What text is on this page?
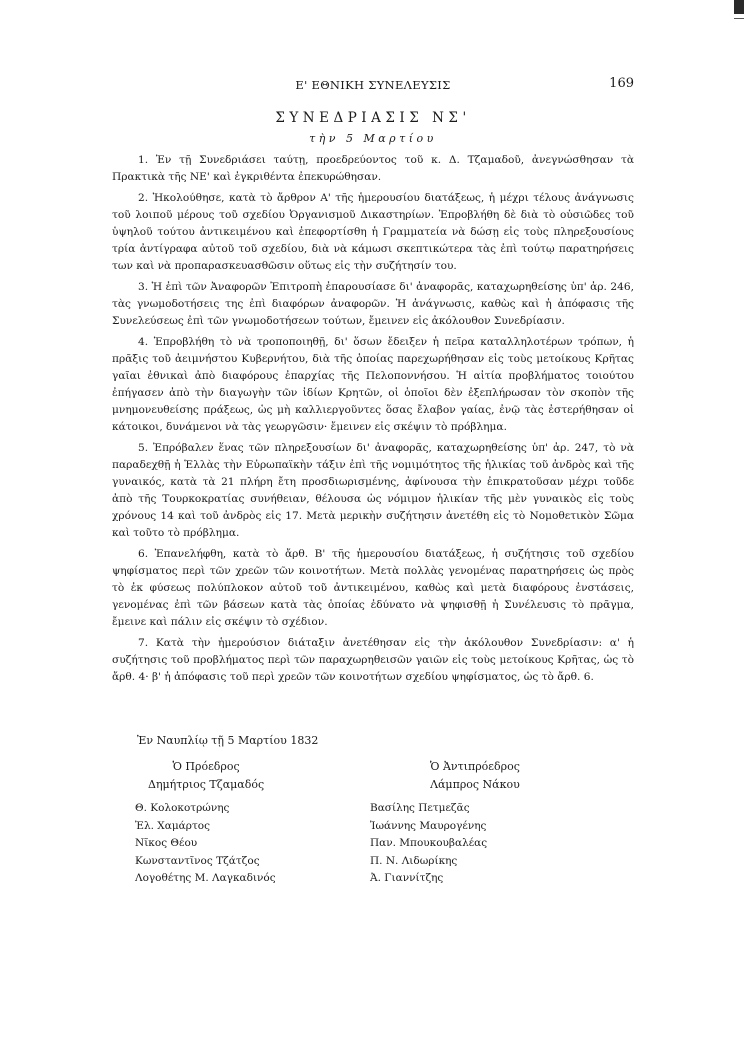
Ε' ΕΘΝΙΚΗ ΣΥΝΕΛΕΥΣΙΣ	169
ΣΥΝΕΔΡΙΑΣΙΣ ΝΣ'
τὴν 5 Μαρτίου

1. Ἐν τῇ Συνεδριάσει ταύτῃ, προεδρεύοντος τοῦ κ. Δ. Τζαμαδοῦ, ἀνεγνώσθησαν τὰ Πρακτικὰ τῆς ΝΕ' καὶ ἐγκριθέντα ἐπεκυρώθησαν.

2. Ἠκολούθησε, κατὰ τὸ ἄρθρον Α' τῆς ἡμερουσίου διατάξεως, ἡ μέχρι τέλους ἀνάγνωσις τοῦ λοιποῦ μέρους τοῦ σχεδίου Ὀργανισμοῦ Δικαστηρίων. Ἐπροβλήθη δὲ διὰ τὸ οὐσιῶδες τοῦ ὑψηλοῦ τούτου ἀντικειμένου καὶ ἐπεφορτίσθη ἡ Γραμματεία νὰ δώσῃ εἰς τοὺς πληρεξουσίους τρία ἀντίγραφα αὐτοῦ τοῦ σχεδίου, διὰ νὰ κάμωσι σκεπτικώτερα τὰς ἐπὶ τούτῳ παρατηρήσεις των καὶ νὰ προπαρασκευασθῶσιν οὕτως εἰς τὴν συζήτησίν του.

3. Ἡ ἐπὶ τῶν Ἀναφορῶν Ἐπιτροπὴ ἐπαρουσίασε δι' ἀναφορᾶς, καταχωρηθείσης ὑπ' ἀρ. 246, τὰς γνωμοδοτήσεις της ἐπὶ διαφόρων ἀναφορῶν. Ἡ ἀνάγνωσις, καθὼς καὶ ἡ ἀπόφασις τῆς Συνελεύσεως ἐπὶ τῶν γνωμοδοτήσεων τούτων, ἔμεινεν εἰς ἀκόλουθον Συνεδρίασιν.

4. Ἐπροβλήθη τὸ νὰ τροποποιηθῇ, δι' ὅσων ἔδειξεν ἡ πεῖρα καταλληλοτέρων τρόπων, ἡ πρᾶξις τοῦ ἀειμνήστου Κυβερνήτου, διὰ τῆς ὁποίας παρεχωρήθησαν εἰς τοὺς μετοίκους Κρῆτας γαῖαι ἐθνικαὶ ἀπὸ διαφόρους ἐπαρχίας τῆς Πελοποννήσου. Ἡ αἰτία προβλήματος τοιούτου ἐπήγασεν ἀπὸ τὴν διαγωγὴν τῶν ἰδίων Κρητῶν, οἱ ὁποῖοι δὲν ἐξεπλήρωσαν τὸν σκοπὸν τῆς μνημονευθείσης πράξεως, ὡς μὴ καλλιεργοῦντες ὅσας ἔλαβον γαίας, ἐνῷ τὰς ἐστερήθησαν οἱ κάτοικοι, δυνάμενοι νὰ τὰς γεωργῶσιν· ἔμεινεν εἰς σκέψιν τὸ πρόβλημα.

5. Ἐπρόβαλεν ἕνας τῶν πληρεξουσίων δι' ἀναφορᾶς, καταχωρηθείσης ὑπ' ἀρ. 247, τὸ νὰ παραδεχθῇ ἡ Ἑλλὰς τὴν Εὐρωπαϊκὴν τάξιν ἐπὶ τῆς νομιμότητος τῆς ἡλικίας τοῦ ἀνδρὸς καὶ τῆς γυναικός, κατὰ τὰ 21 πλήρη ἔτη προσδιωρισμένης, ἀφίνουσα τὴν ἐπικρατοῦσαν μέχρι τοῦδε ἀπὸ τῆς Τουρκοκρατίας συνήθειαν, θέλουσα ὡς νόμιμον ἡλικίαν τῆς μὲν γυναικὸς εἰς τοὺς χρόνους 14 καὶ τοῦ ἀνδρὸς εἰς 17. Μετὰ μερικὴν συζήτησιν ἀνετέθη εἰς τὸ Νομοθετικὸν Σῶμα καὶ τοῦτο τὸ πρόβλημα.

6. Ἐπανελήφθη, κατὰ τὸ ἄρθ. Β' τῆς ἡμερουσίου διατάξεως, ἡ συζήτησις τοῦ σχεδίου ψηφίσματος περὶ τῶν χρεῶν τῶν κοινοτήτων. Μετὰ πολλὰς γενομένας παρατηρήσεις ὡς πρὸς τὸ ἐκ φύσεως πολύπλοκον αὐτοῦ τοῦ ἀντικειμένου, καθὼς καὶ μετὰ διαφόρους ἐνστάσεις, γενομένας ἐπὶ τῶν βάσεων κατὰ τὰς ὁποίας ἐδύνατο νὰ ψηφισθῇ ἡ Συνέλευσις τὸ πρᾶγμα, ἔμεινε καὶ πάλιν εἰς σκέψιν τὸ σχέδιον.

7. Κατὰ τὴν ἡμερούσιον διάταξιν ἀνετέθησαν εἰς τὴν ἀκόλουθον Συνεδρίασιν: α' ἡ συζήτησις τοῦ προβλήματος περὶ τῶν παραχωρηθεισῶν γαιῶν εἰς τοὺς μετοίκους Κρῆτας, ὡς τὸ ἄρθ. 4· β' ἡ ἀπόφασις τοῦ περὶ χρεῶν τῶν κοινοτήτων σχεδίου ψηφίσματος, ὡς τὸ ἄρθ. 6.

Ἐν Ναυπλίῳ τῇ 5 Μαρτίου 1832
Ὁ Πρόεδρος
Δημήτριος Τζαμαδός
Ὁ Ἀντιπρόεδρος
Λάμπρος Νάκου
Θ. Κολοκοτρώνης
Ἐλ. Χαμάρτος
Νῖκος Θέου
Κωνσταντῖνος Τζάτζος
Λογοθέτης Μ. Λαγκαδινός
Βασίλης Πετμεζᾶς
Ἰωάννης Μαυρογένης
Παν. Μπουκουβαλέας
Π. Ν. Λιδωρίκης
Ἀ. Γιαννίτζης
